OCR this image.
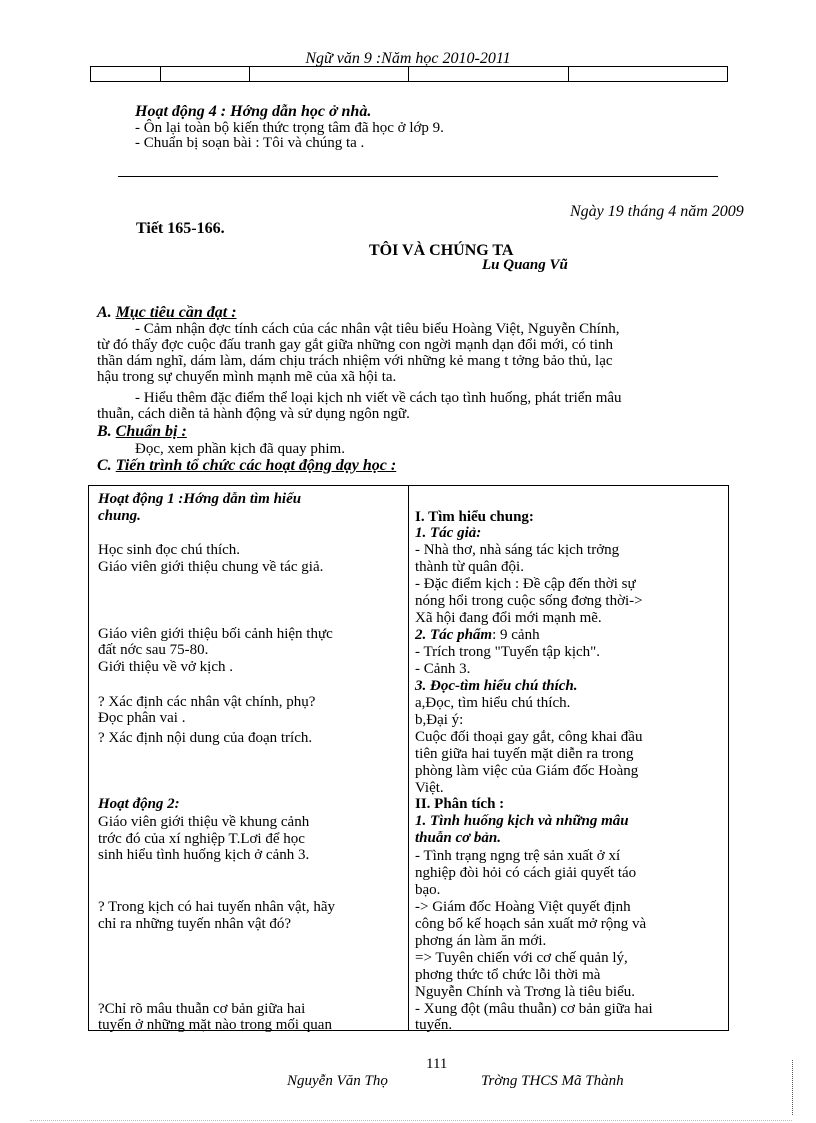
Ngữ văn 9 :Năm học 2010-2011
Hoạt động 4 : Hớng dẫn học ở nhà.
- Ôn lại toàn bộ kiến thức trọng tâm đã học ở lớp 9.
- Chuẩn bị soạn bài : Tôi và chúng ta .
Ngày 19 tháng 4 năm 2009
Tiết 165-166.
TÔI VÀ CHÚNG TA
Lu Quang Vũ
A. Mục tiêu cần đạt :
- Cảm nhận đợc tính cách của các nhân vật tiêu biểu Hoàng Việt, Nguyễn Chính,
từ đó thấy đợc cuộc đấu tranh gay gắt giữa những con ngời mạnh dạn đổi mới, có tinh
thần dám nghĩ, dám làm, dám chịu trách nhiệm với những kẻ mang t tởng bảo thủ, lạc
hậu trong sự chuyển mình mạnh mẽ của xã hội ta.
- Hiểu thêm đặc điểm thể loại kịch nh viết về cách tạo tình huống, phát triển mâu
thuẫn, cách diễn tả hành động và sử dụng ngôn ngữ.
B. Chuẩn bị :
Đọc, xem phần kịch đã quay phim.
C. Tiến trình tổ chức các hoạt động dạy học :
Hoạt động 1 :Hớng dẫn tìm hiểu
chung.
Học sinh đọc chú thích.
Giáo viên giới thiệu chung về tác giả.
Giáo viên giới thiệu bối cảnh hiện thực
đất nớc sau 75-80.
Giới thiệu về vở kịch .
? Xác định các nhân vật chính, phụ?
Đọc phân vai .
? Xác định nội dung của đoạn trích.
Hoạt động 2:
Giáo viên giới thiệu về khung cảnh
trớc đó của xí nghiệp T.Lơi để học
sinh hiểu tình huống kịch ở cảnh 3.
? Trong kịch có hai tuyến nhân vật, hãy
chỉ ra những tuyến nhân vật đó?
?Chỉ rõ mâu thuẫn cơ bản giữa hai
tuyến ở những mặt nào trong mối quan
I. Tìm hiểu chung:
1. Tác giả:
- Nhà thơ, nhà sáng tác kịch trởng
thành từ quân đội.
- Đặc điểm kịch : Đề cập đến thời sự
nóng hổi trong cuộc sống đơng thời->
Xã hội đang đổi mới mạnh mẽ.
2. Tác phẩm: 9 cảnh
- Trích trong "Tuyển tập kịch".
- Cảnh 3.
3. Đọc-tìm hiểu chú thích.
a,Đọc, tìm hiểu chú thích.
b,Đại ý:
Cuộc đối thoại gay gắt, công khai đầu
tiên giữa hai tuyến mặt diễn ra trong
phòng làm việc của Giám đốc Hoàng
Việt.
II. Phân tích :
1. Tình huống kịch và những mâu
thuẫn cơ bản.
- Tình trạng ngng trệ sản xuất ở xí
nghiệp đòi hỏi có cách giải quyết táo
bạo.
-> Giám đốc Hoàng Việt quyết định
công bố kế hoạch sản xuất mở rộng và
phơng án làm ăn mới.
=> Tuyên chiến với cơ chế quản lý,
phơng thức tổ chức lỗi thời mà
Nguyễn Chính và Trơng là tiêu biểu.
- Xung đột (mâu thuẫn) cơ bản giữa hai
tuyến.
111
Nguyễn Văn Thọ	Trờng THCS Mã Thành
